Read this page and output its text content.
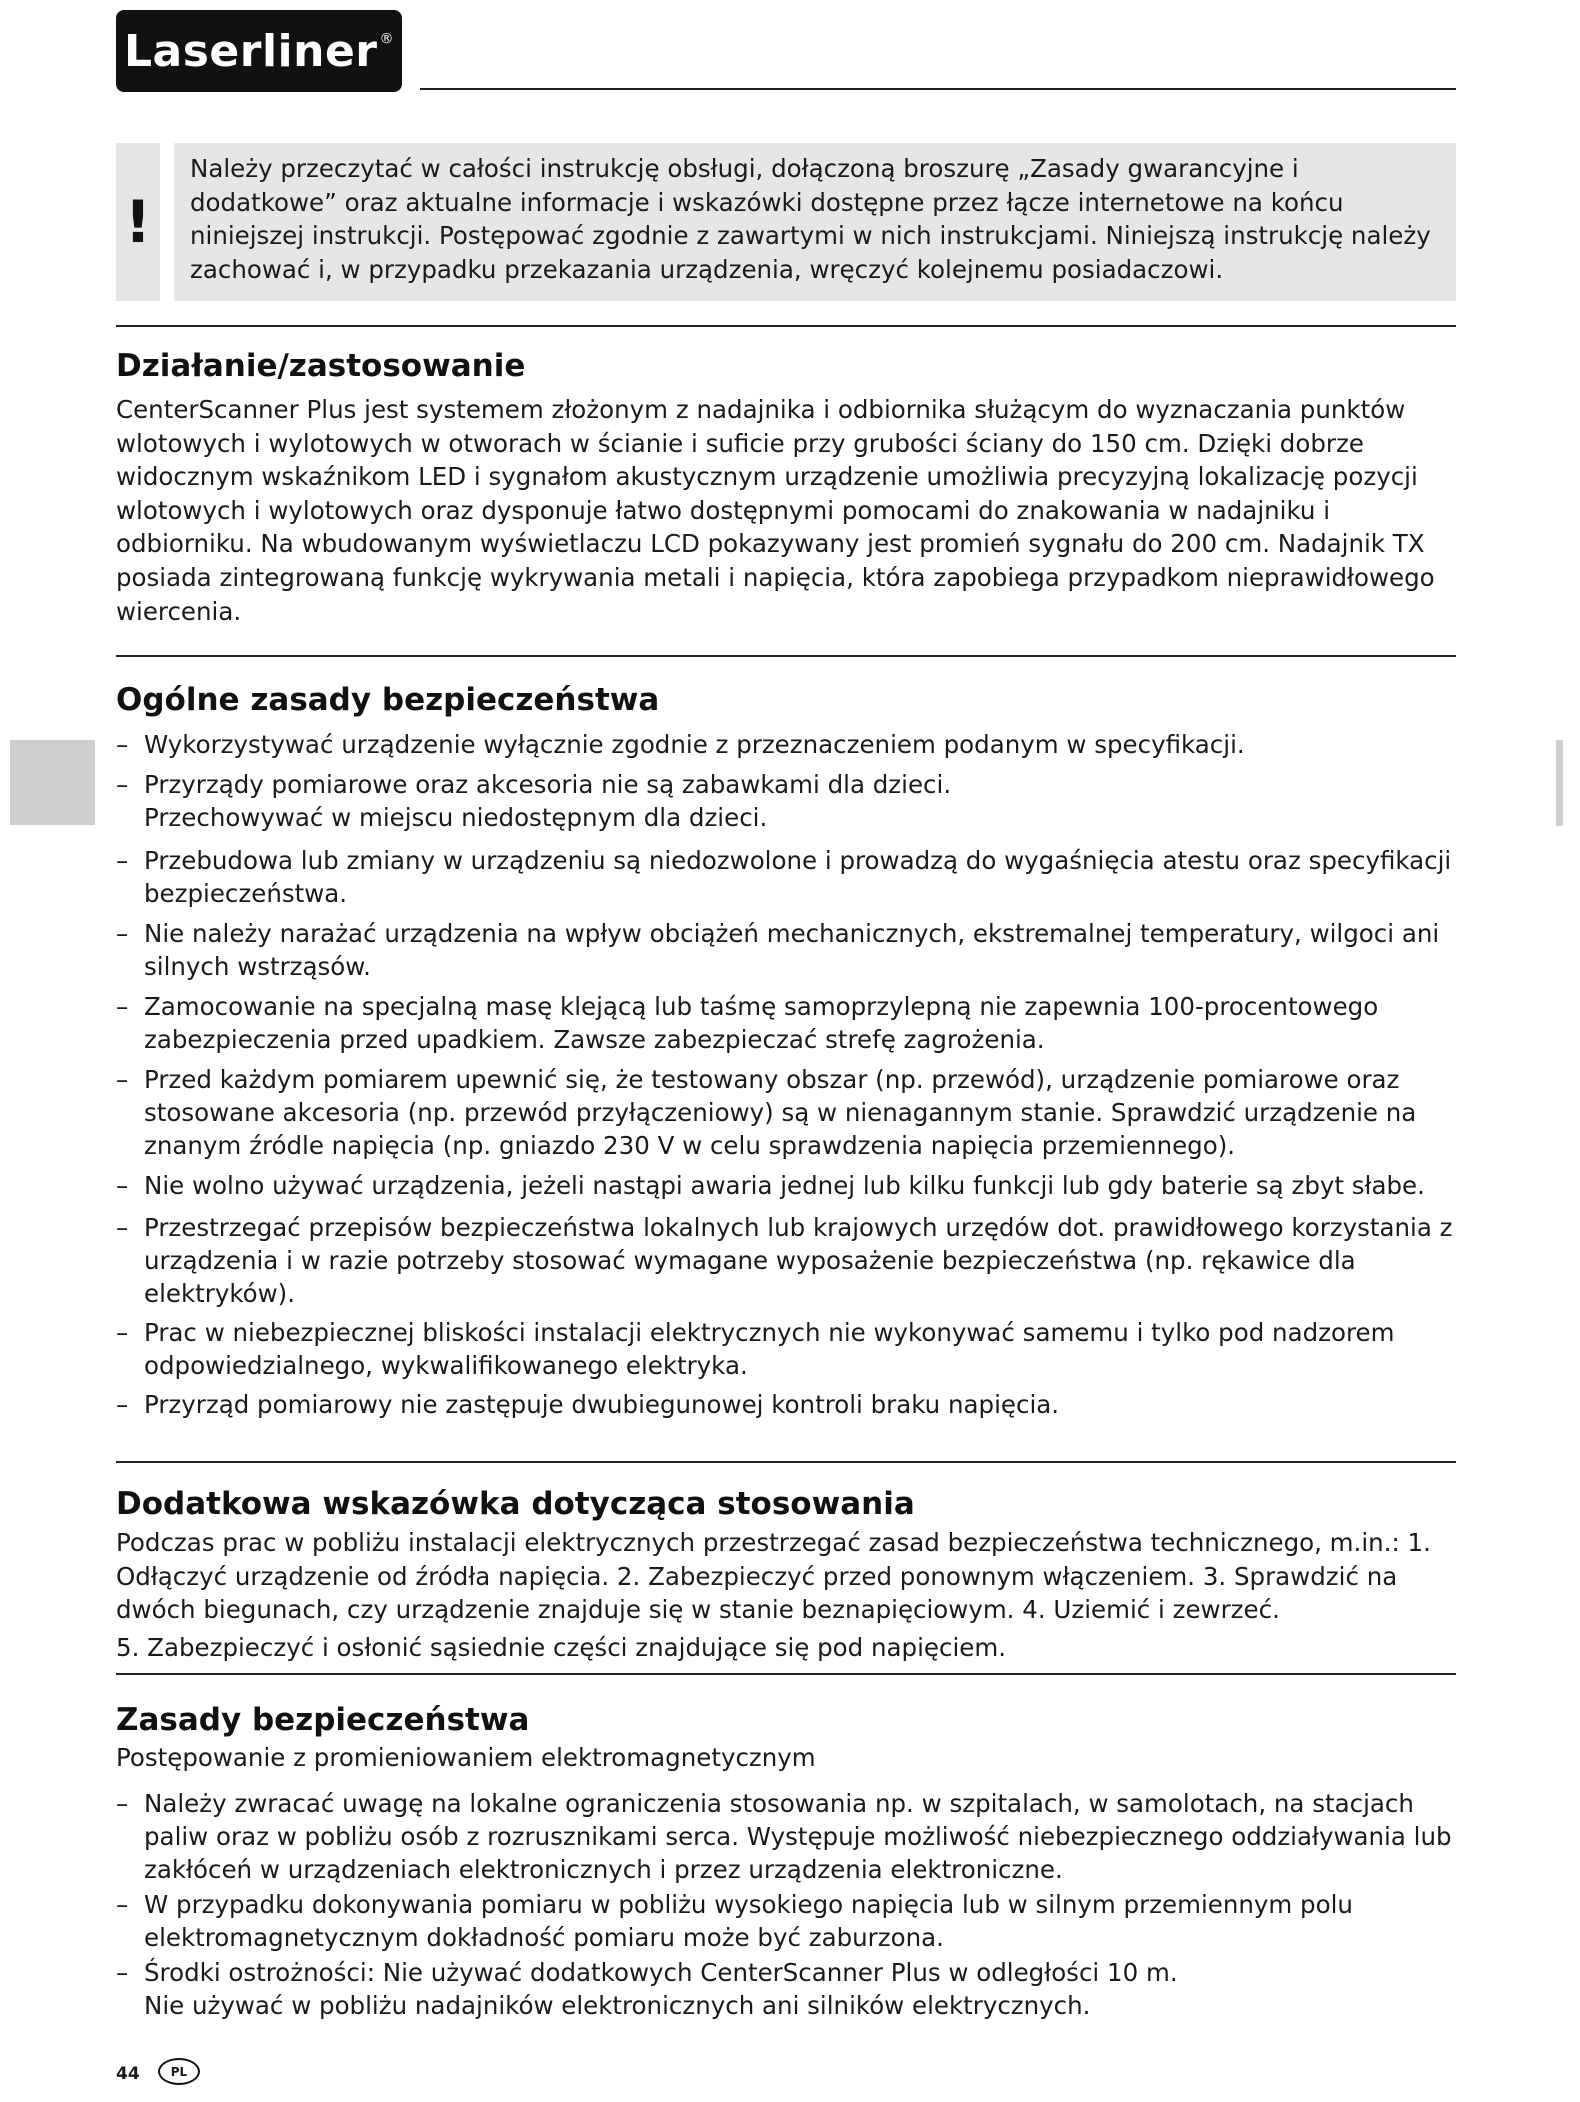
Laserliner®
!
Należy przeczytać w całości instrukcję obsługi, dołączoną broszurę „Zasady gwarancyjne i dodatkowe” oraz aktualne informacje i wskazówki dostępne przez łącze internetowe na końcu niniejszej instrukcji. Postępować zgodnie z zawartymi w nich instrukcjami. Niniejszą instrukcję należy zachować i, w przypadku przekazania urządzenia, wręczyć kolejnemu posiadaczowi.
Działanie/zastosowanie
CenterScanner Plus jest systemem złożonym z nadajnika i odbiornika służącym do wyznaczania punktów wlotowych i wylotowych w otworach w ścianie i suficie przy grubości ściany do 150 cm. Dzięki dobrze widocznym wskaźnikom LED i sygnałom akustycznym urządzenie umożliwia precyzyjną lokalizację pozycji wlotowych i wylotowych oraz dysponuje łatwo dostępnymi pomocami do znakowania w nadajniku i odbiorniku. Na wbudowanym wyświetlaczu LCD pokazywany jest promień sygnału do 200 cm. Nadajnik TX posiada zintegrowaną funkcję wykrywania metali i napięcia, która zapobiega przypadkom nieprawidłowego wiercenia.
Ogólne zasady bezpieczeństwa
– Wykorzystywać urządzenie wyłącznie zgodnie z przeznaczeniem podanym w specyfikacji.
– Przyrządy pomiarowe oraz akcesoria nie są zabawkami dla dzieci.
Przechowywać w miejscu niedostępnym dla dzieci.
– Przebudowa lub zmiany w urządzeniu są niedozwolone i prowadzą do wygaśnięcia atestu oraz specyfikacji bezpieczeństwa.
– Nie należy narażać urządzenia na wpływ obciążeń mechanicznych, ekstremalnej temperatury, wilgoci ani silnych wstrząsów.
– Zamocowanie na specjalną masę klejącą lub taśmę samoprzylepną nie zapewnia 100-procentowego zabezpieczenia przed upadkiem. Zawsze zabezpieczać strefę zagrożenia.
– Przed każdym pomiarem upewnić się, że testowany obszar (np. przewód), urządzenie pomiarowe oraz stosowane akcesoria (np. przewód przyłączeniowy) są w nienagannym stanie. Sprawdzić urządzenie na znanym źródle napięcia (np. gniazdo 230 V w celu sprawdzenia napięcia przemiennego).
– Nie wolno używać urządzenia, jeżeli nastąpi awaria jednej lub kilku funkcji lub gdy baterie są zbyt słabe.
– Przestrzegać przepisów bezpieczeństwa lokalnych lub krajowych urzędów dot. prawidłowego korzystania z urządzenia i w razie potrzeby stosować wymagane wyposażenie bezpieczeństwa (np. rękawice dla elektryków).
– Prac w niebezpiecznej bliskości instalacji elektrycznych nie wykonywać samemu i tylko pod nadzorem odpowiedzialnego, wykwalifikowanego elektryka.
– Przyrząd pomiarowy nie zastępuje dwubiegunowej kontroli braku napięcia.
Dodatkowa wskazówka dotycząca stosowania
Podczas prac w pobliżu instalacji elektrycznych przestrzegać zasad bezpieczeństwa technicznego, m.in.: 1. Odłączyć urządzenie od źródła napięcia. 2. Zabezpieczyć przed ponownym włączeniem. 3. Sprawdzić na dwóch biegunach, czy urządzenie znajduje się w stanie beznapięciowym. 4. Uziemić i zewrzeć.
5. Zabezpieczyć i osłonić sąsiednie części znajdujące się pod napięciem.
Zasady bezpieczeństwa
Postępowanie z promieniowaniem elektromagnetycznym
– Należy zwracać uwagę na lokalne ograniczenia stosowania np. w szpitalach, w samolotach, na stacjach paliw oraz w pobliżu osób z rozrusznikami serca. Występuje możliwość niebezpiecznego oddziaływania lub zakłóceń w urządzeniach elektronicznych i przez urządzenia elektroniczne.
– W przypadku dokonywania pomiaru w pobliżu wysokiego napięcia lub w silnym przemiennym polu elektromagnetycznym dokładność pomiaru może być zaburzona.
– Środki ostrożności: Nie używać dodatkowych CenterScanner Plus w odległości 10 m.
Nie używać w pobliżu nadajników elektronicznych ani silników elektrycznych.
44	PL
